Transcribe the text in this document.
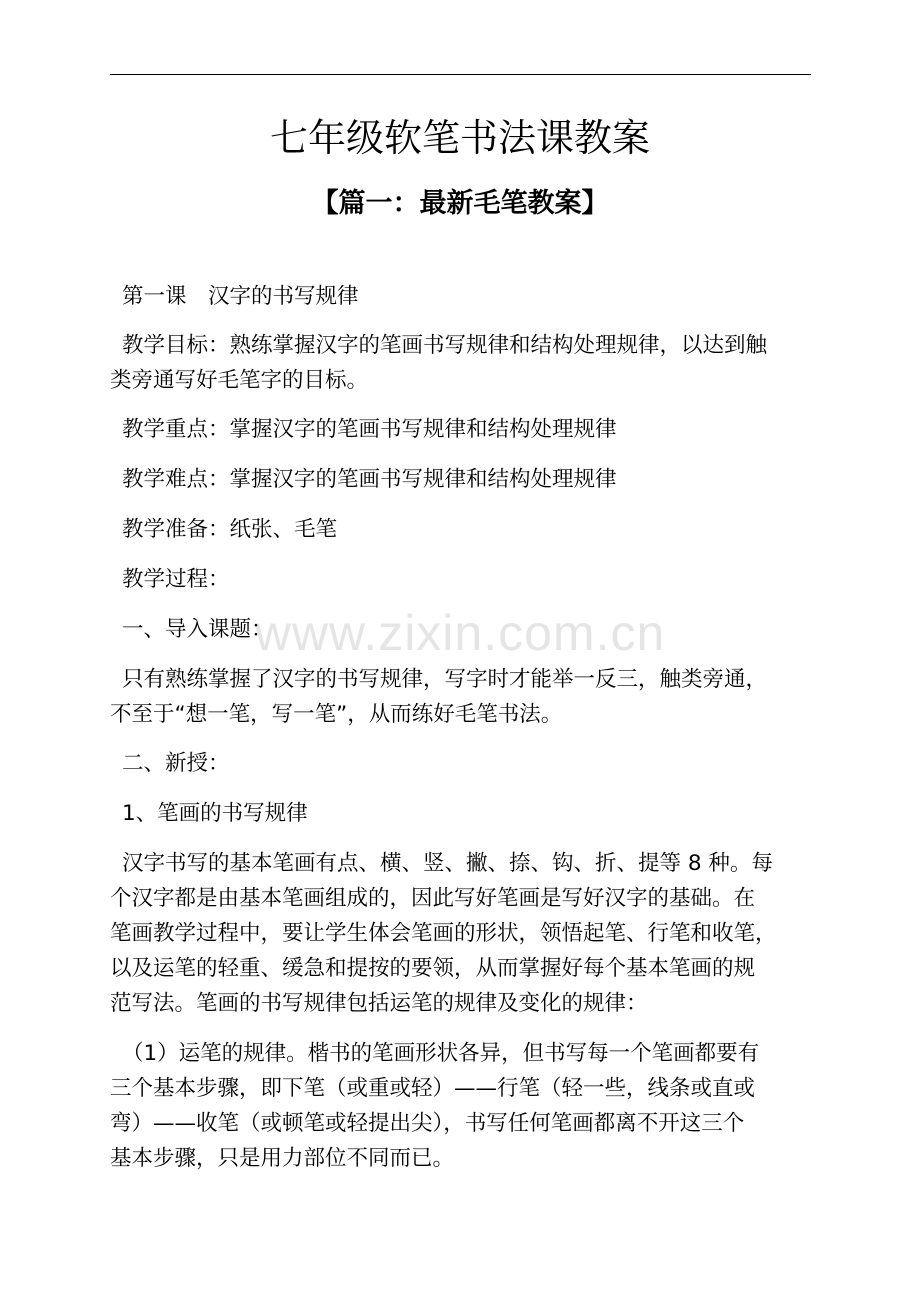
七年级软笔书法课教案
【篇一：最新毛笔教案】
www.zixin.com.cn

第一课　汉字的书写规律

教学目标：熟练掌握汉字的笔画书写规律和结构处理规律，以达到触
类旁通写好毛笔字的目标。

教学重点：掌握汉字的笔画书写规律和结构处理规律

教学难点：掌握汉字的笔画书写规律和结构处理规律

教学准备：纸张、毛笔

教学过程：

一、导入课题：

只有熟练掌握了汉字的书写规律，写字时才能举一反三，触类旁通，
不至于“想一笔，写一笔”，从而练好毛笔书法。

二、新授：

1、笔画的书写规律

汉字书写的基本笔画有点、横、竖、撇、捺、钩、折、提等 8 种。每
个汉字都是由基本笔画组成的，因此写好笔画是写好汉字的基础。在
笔画教学过程中，要让学生体会笔画的形状，领悟起笔、行笔和收笔，
以及运笔的轻重、缓急和提按的要领，从而掌握好每个基本笔画的规
范写法。笔画的书写规律包括运笔的规律及变化的规律：

（1）运笔的规律。楷书的笔画形状各异，但书写每一个笔画都要有
三个基本步骤，即下笔（或重或轻）——行笔（轻一些，线条或直或
弯）——收笔（或顿笔或轻提出尖），书写任何笔画都离不开这三个
基本步骤，只是用力部位不同而已。
